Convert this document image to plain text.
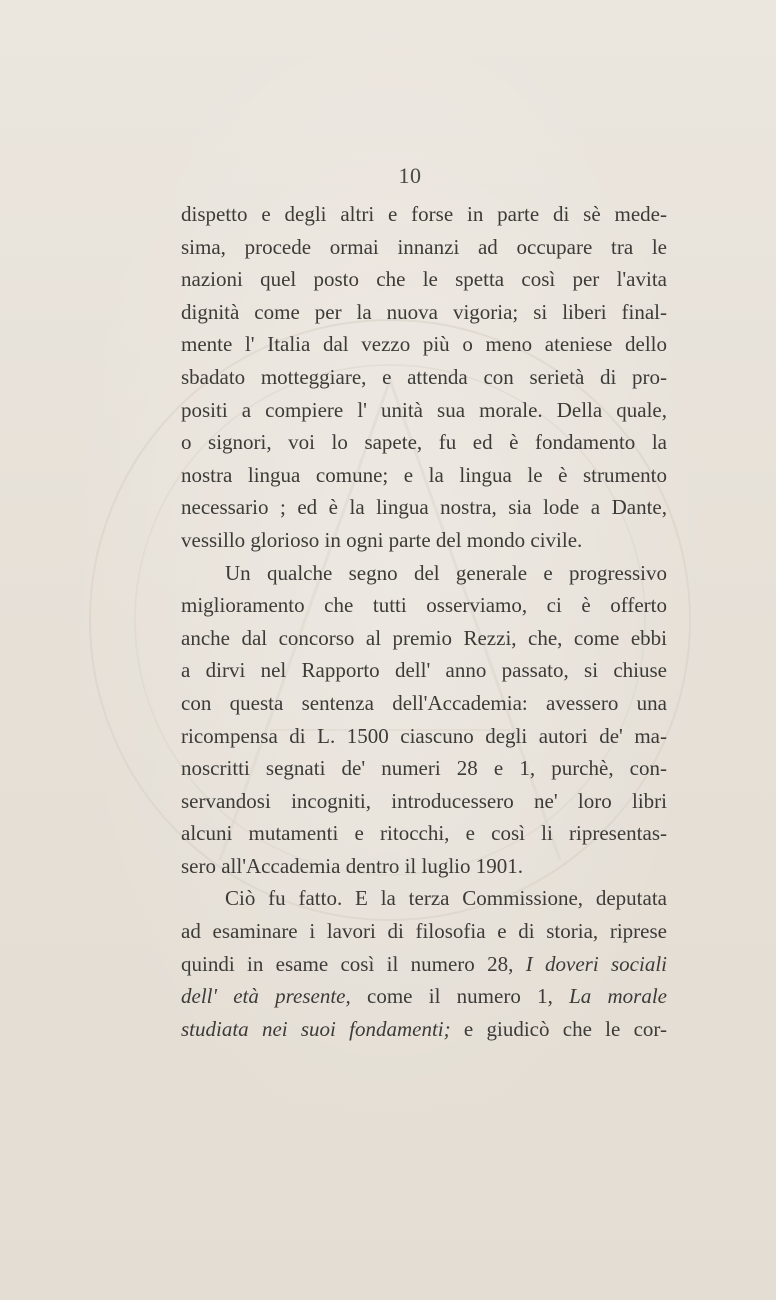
10
dispetto e degli altri e forse in parte di sè mede-
sima, procede ormai innanzi ad occupare tra le
nazioni quel posto che le spetta così per l'avita
dignità come per la nuova vigoria; si liberi final-
mente l' Italia dal vezzo più o meno ateniese dello
sbadato motteggiare, e attenda con serietà di pro-
positi a compiere l' unità sua morale. Della quale,
o signori, voi lo sapete, fu ed è fondamento la
nostra lingua comune; e la lingua le è strumento
necessario ; ed è la lingua nostra, sia lode a Dante,
vessillo glorioso in ogni parte del mondo civile.
Un qualche segno del generale e progressivo
miglioramento che tutti osserviamo, ci è offerto
anche dal concorso al premio Rezzi, che, come ebbi
a dirvi nel Rapporto dell' anno passato, si chiuse
con questa sentenza dell'Accademia: avessero una
ricompensa di L. 1500 ciascuno degli autori de' ma-
noscritti segnati de' numeri 28 e 1, purchè, con-
servandosi incogniti, introducessero ne' loro libri
alcuni mutamenti e ritocchi, e così li ripresentas-
sero all'Accademia dentro il luglio 1901.
Ciò fu fatto. E la terza Commissione, deputata
ad esaminare i lavori di filosofia e di storia, riprese
quindi in esame così il numero 28, I doveri sociali
dell' età presente, come il numero 1, La morale
studiata nei suoi fondamenti; e giudicò che le cor-
